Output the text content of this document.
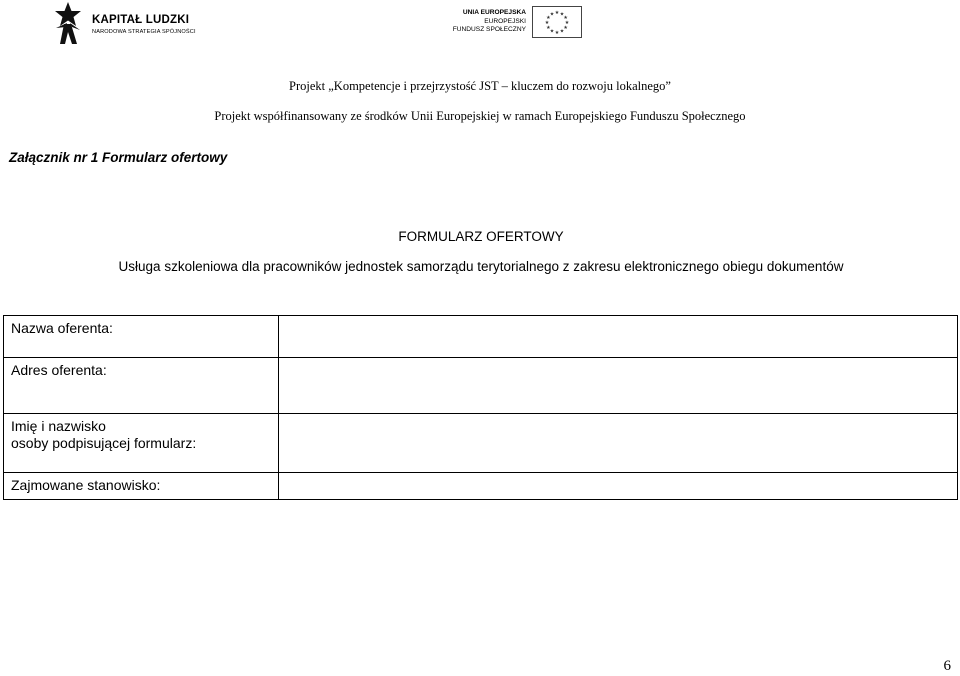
KAPITAŁ LUDZKI
NARODOWA STRATEGIA SPÓJNOŚCI
UNIA EUROPEJSKA
EUROPEJSKI
FUNDUSZ SPOŁECZNY
★
★
★
★
★
★
★
★
★ ★ ★
★
Projekt „Kompetencje i przejrzystość JST – kluczem do rozwoju lokalnego”
Projekt współfinansowany ze środków Unii Europejskiej w ramach Europejskiego Funduszu Społecznego
Załącznik nr 1 Formularz ofertowy
FORMULARZ OFERTOWY
Usługa szkoleniowa dla pracowników jednostek samorządu terytorialnego z zakresu elektronicznego obiegu dokumentów
Nazwa oferenta:	
Adres oferenta:	

Imię i nazwisko
osoby podpisującej formularz:	

Zajmowane stanowisko:	
6
